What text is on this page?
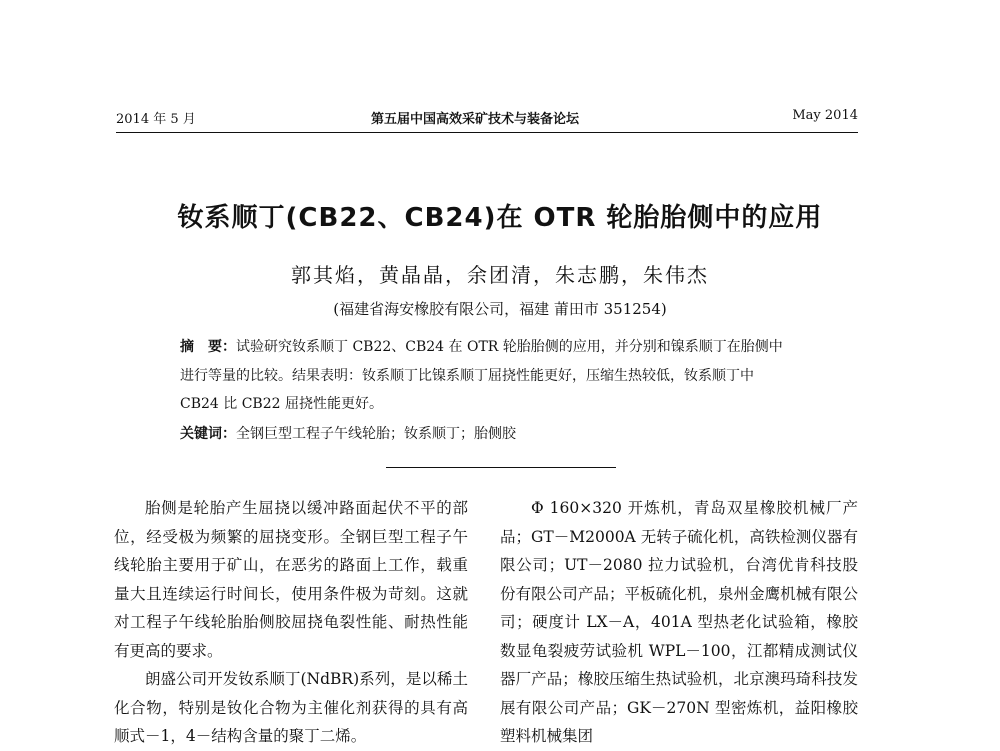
2014 年 5 月	第五届中国高效采矿技术与装备论坛	May 2014
钕系顺丁(CB22、CB24)在 OTR 轮胎胎侧中的应用
郭其焰，黄晶晶，余团清，朱志鹏，朱伟杰
(福建省海安橡胶有限公司，福建 莆田市 351254)
摘　要：试验研究钕系顺丁 CB22、CB24 在 OTR 轮胎胎侧的应用，并分别和镍系顺丁在胎侧中进行等量的比较。结果表明：钕系顺丁比镍系顺丁屈挠性能更好，压缩生热较低，钕系顺丁中 CB24 比 CB22 屈挠性能更好。
关键词：全钢巨型工程子午线轮胎；钕系顺丁；胎侧胶

胎侧是轮胎产生屈挠以缓冲路面起伏不平的部位，经受极为频繁的屈挠变形。全钢巨型工程子午线轮胎主要用于矿山，在恶劣的路面上工作，载重量大且连续运行时间长，使用条件极为苛刻。这就对工程子午线轮胎胎侧胶屈挠龟裂性能、耐热性能有更高的要求。

朗盛公司开发钕系顺丁(NdBR)系列，是以稀土化合物，特别是钕化合物为主催化剂获得的具有高顺式－1，4－结构含量的聚丁二烯。

Φ 160×320 开炼机，青岛双星橡胶机械厂产品；GT－M2000A 无转子硫化机，高铁检测仪器有限公司；UT－2080 拉力试验机，台湾优肯科技股份有限公司产品；平板硫化机，泉州金鹰机械有限公司；硬度计 LX－A，401A 型热老化试验箱，橡胶数显龟裂疲劳试验机 WPL－100，江都精成测试仪器厂产品；橡胶压缩生热试验机，北京澳玛琦科技发展有限公司产品；GK－270N 型密炼机，益阳橡胶塑料机械集团
